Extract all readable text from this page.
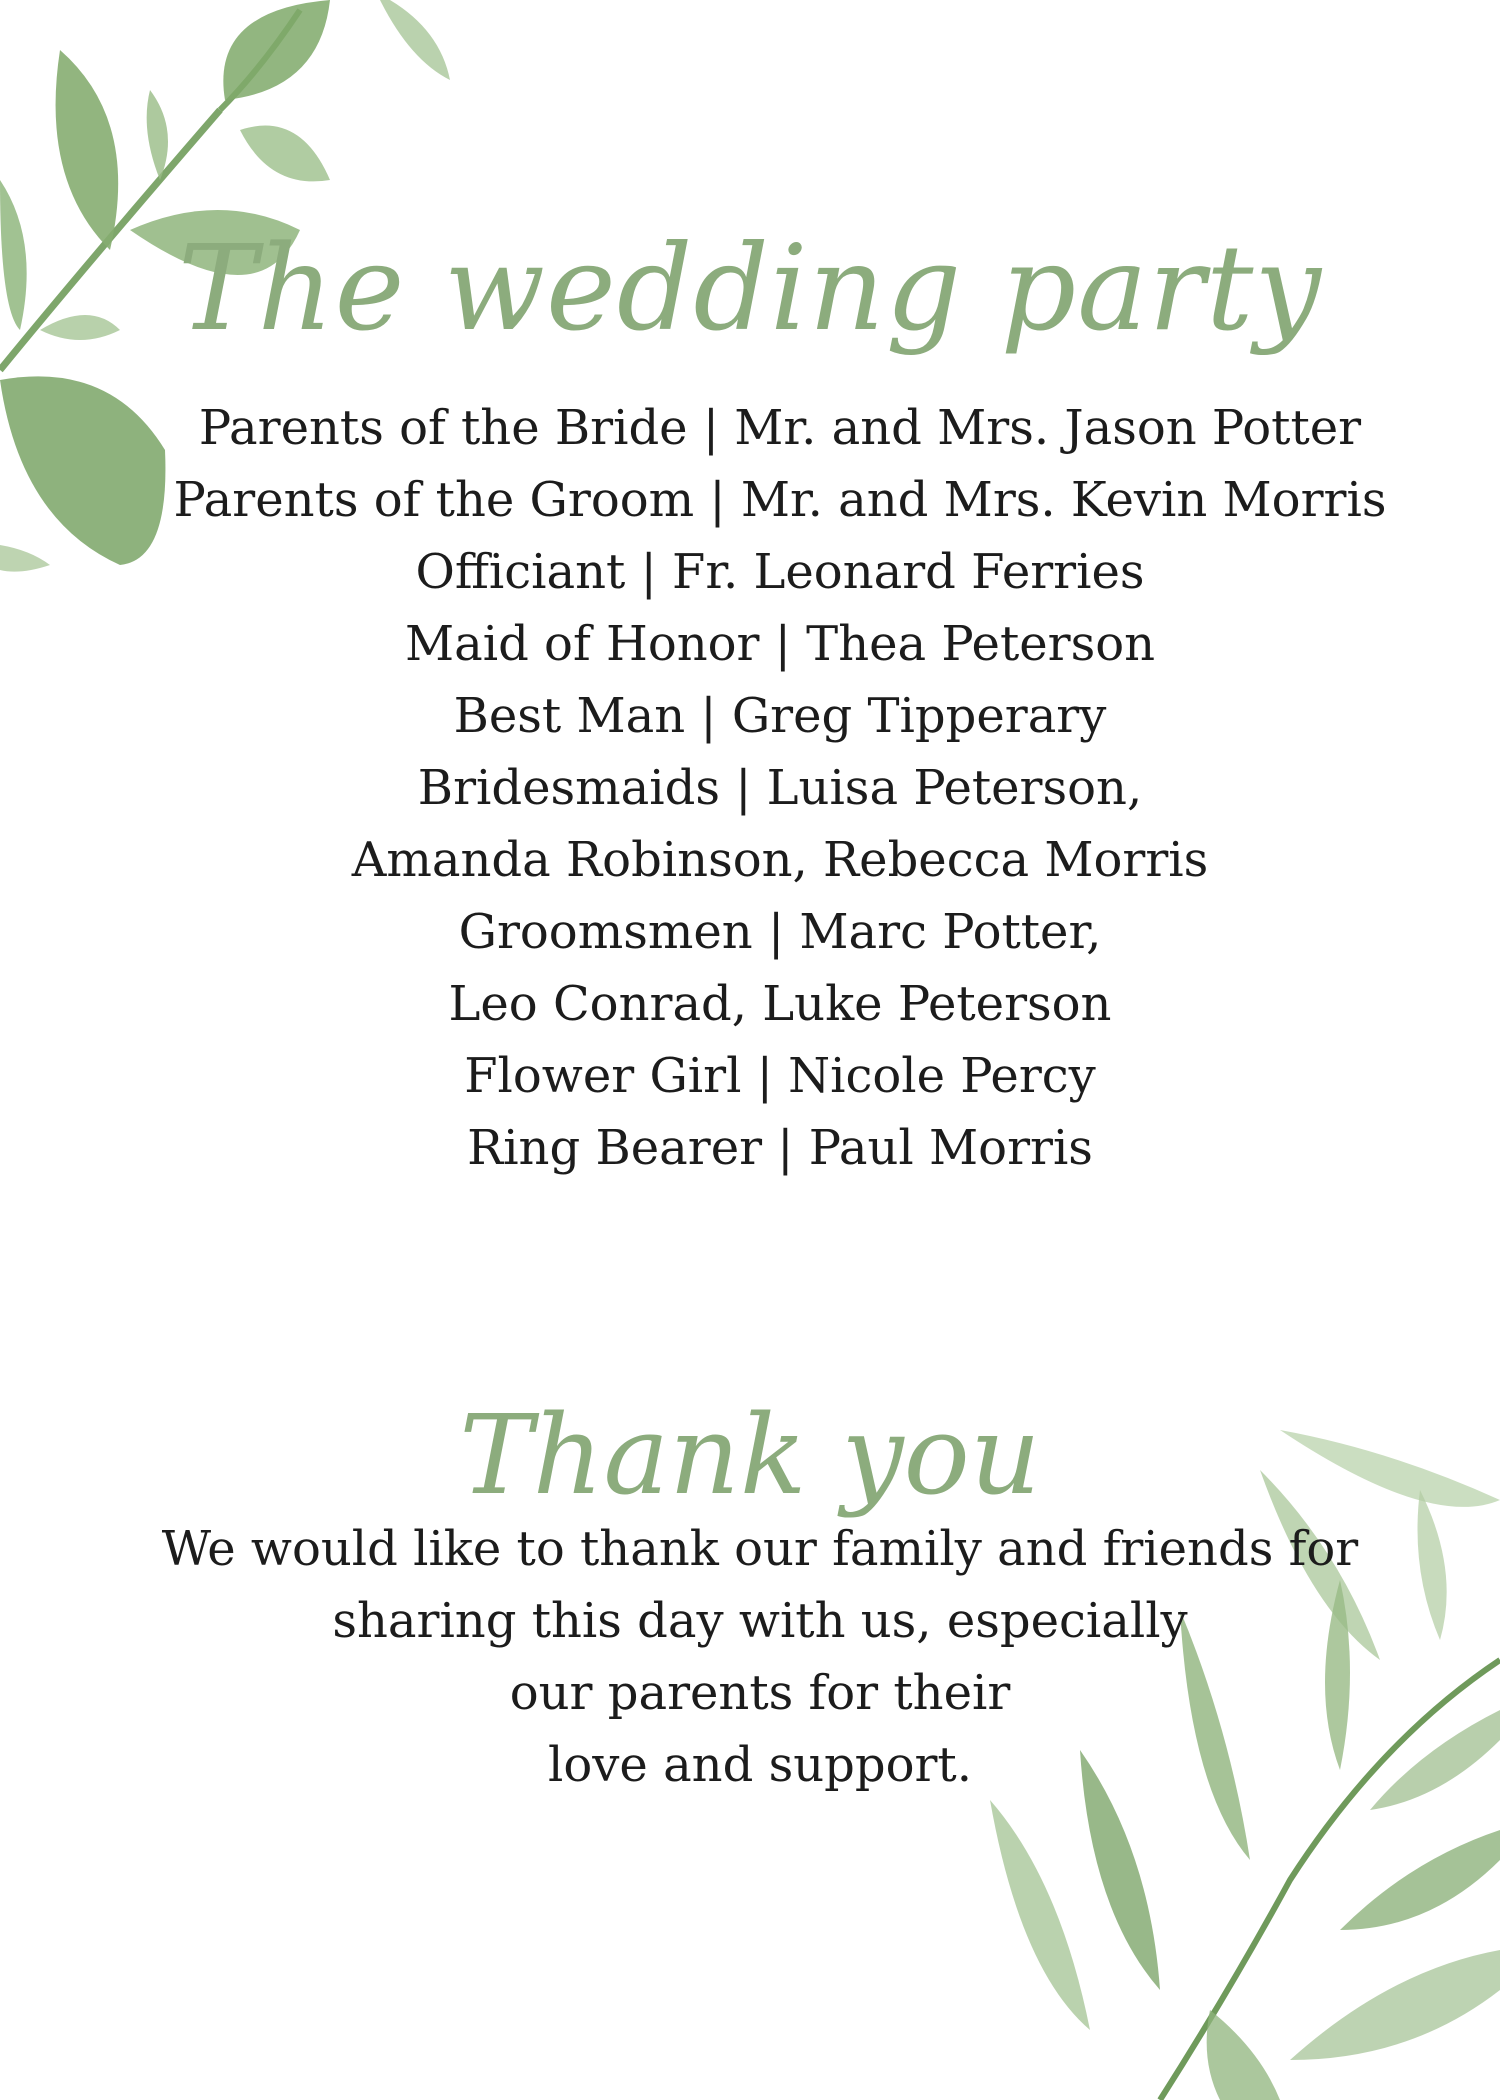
The wedding party
Parents of the Bride | Mr. and Mrs. Jason Potter
Parents of the Groom | Mr. and Mrs. Kevin Morris
Officiant | Fr. Leonard Ferries
Maid of Honor | Thea Peterson
Best Man | Greg Tipperary
Bridesmaids | Luisa Peterson,
Amanda Robinson, Rebecca Morris
Groomsmen | Marc Potter,
Leo Conrad, Luke Peterson
Flower Girl | Nicole Percy
Ring Bearer | Paul Morris
Thank you
We would like to thank our family and friends for
sharing this day with us, especially
our parents for their
love and support.
